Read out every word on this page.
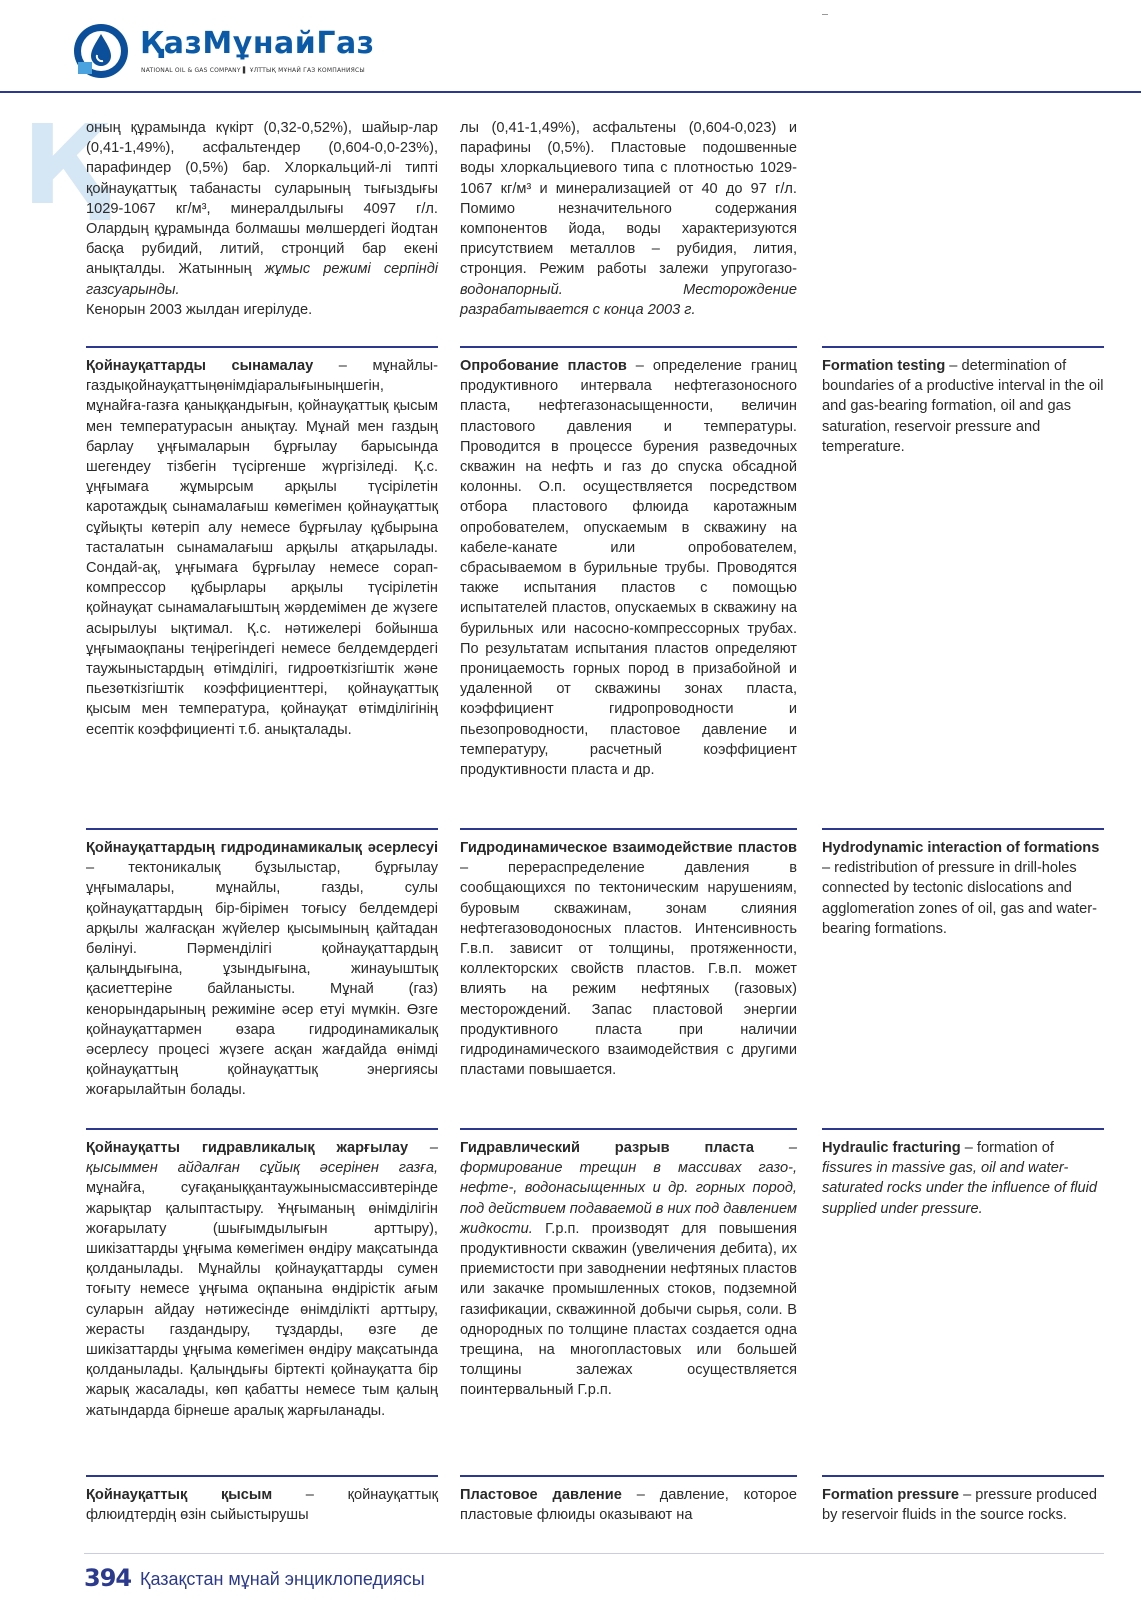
ҚазМұнайГаз
NATIONAL OIL & GAS COMPANY ▌ ҰЛТТЫҚ МҰНАЙ ГАЗ КОМПАНИЯСЫ
Қ
оның құрамында күкірт (0,32-0,52%), шайыр-лар (0,41-1,49%), асфальтендер (0,604-0,0-23%), парафиндер (0,5%) бар. Хлоркальций-лі типті қойнауқаттық табанасты суларының тығыздығы 1029-1067 кг/м³, минералдылығы 4097 г/л. Олардың құрамында болмашы мөлшердегі йодтан басқа рубидий, литий, стронций бар екені анықталды. Жатынның жұмыс режимі серпінді газсуарынды.
Кенорын 2003 жылдан игерілуде.
лы (0,41-1,49%), асфальтены (0,604-0,023) и парафины (0,5%). Пластовые подошвенные воды хлоркальциевого типа с плотностью 1029-1067 кг/м³ и минерализацией от 40 до 97 г/л. Помимо незначительного содержания компонентов йода, воды характеризуются присутствием металлов – рубидия, лития, стронция. Режим работы залежи упругогазо-водонапорный.	Месторождение разрабатывается с конца 2003 г.
Қойнауқаттарды сынамалау – мұнайлы-газдықойнауқаттыңөнімдіаралығыныңшегін, мұнайға-газға қаныққандығын, қойнауқаттық қысым мен температурасын анықтау. Мұнай мен газдың барлау ұңғымаларын бұрғылау барысында шегендеу тізбегін түсіргенше жүргізіледі. Қ.с. ұңғымаға жұмырсым арқылы түсірілетін каротаждық сынамалағыш көмегімен қойнауқаттық сұйықты көтеріп алу немесе бұрғылау құбырына тасталатын сынамалағыш арқылы атқарылады. Сондай-ақ, ұңғымаға бұрғылау немесе сорап-компрессор құбырлары арқылы түсірілетін қойнауқат сынамалағыштың жәрдемімен де жүзеге асырылуы ықтимал. Қ.с. нәтижелері бойынша ұңғымаоқпаны теңірегіндегі немесе белдемдердегі таужыныстардың өтімділігі, гидроөткізгіштік және пьезөткізгіштік коэффициенттері, қойнауқаттық қысым мен температура, қойнауқат өтімділігінің есептік коэффициенті т.б. анықталады.
Опробование пластов – определение границ продуктивного интервала нефтегазоносного пласта, нефтегазонасыщенности, величин пластового давления и температуры. Проводится в процессе бурения разведочных скважин на нефть и газ до спуска обсадной колонны. О.п. осуществляется посредством отбора пластового флюида каротажным опробователем, опускаемым в скважину на кабеле-канате или опробователем, сбрасываемом в бурильные трубы. Проводятся также испытания пластов с помощью испытателей пластов, опускаемых в скважину на бурильных или насосно-компрессорных трубах. По результатам испытания пластов определяют проницаемость горных пород в призабойной и удаленной от скважины зонах пласта, коэффициент гидропроводности и пьезопроводности, пластовое давление и температуру, расчетный коэффициент продуктивности пласта и др.
Formation testing – determination of boundaries of a productive interval in the oil and gas-bearing formation, oil and gas saturation, reservoir pressure and temperature.
Қойнауқаттардың гидродинамикалық әсерлесуі – тектоникалық бұзылыстар, бұрғылау ұңғымалары, мұнайлы, газды, сулы қойнауқаттардың бір-бірімен тоғысу белдемдері арқылы жалғасқан жүйелер қысымының қайтадан бөлінуі. Пәрменділігі қойнауқаттардың қалыңдығына, ұзындығына, жинауыштық қасиеттеріне байланысты. Мұнай (газ) кенорындарының режиміне әсер етуі мүмкін. Өзге қойнауқаттармен өзара гидродинамикалық әсерлесу процесі жүзеге асқан жағдайда өнімді қойнауқаттың қойнауқаттық энергиясы жоғарылайтын болады.
Гидродинамическое взаимодействие пластов – перераспределение давления в сообщающихся по тектоническим нарушениям, буровым скважинам, зонам слияния нефтегазоводоносных пластов. Интенсивность Г.в.п. зависит от толщины, протяженности, коллекторских свойств пластов. Г.в.п. может влиять на режим нефтяных (газовых) месторождений. Запас пластовой энергии продуктивного пласта при наличии гидродинамического взаимодействия с другими пластами повышается.
Hydrodynamic interaction of formations – redistribution of pressure in drill-holes connected by tectonic dislocations and agglomeration zones of oil, gas and water-bearing formations.
Қойнауқатты гидравликалық жарғылау – қысыммен айдалған сұйық әсерінен газға, мұнайға, суғақаныққантаужыныcмассивтерінде жарықтар қалыптастыру. Ұңғыманың өнімділігін жоғарылату (шығымдылығын арттыру), шикізаттарды ұңғыма көмегімен өндіру мақсатында қолданылады. Мұнайлы қойнауқаттарды сумен тоғыту немесе ұңғыма оқпанына өндірістік ағым суларын айдау нәтижесінде өнімділікті арттыру, жерасты газдандыру, тұздарды, өзге де шикізаттарды ұңғыма көмегімен өндіру мақсатында қолданылады. Қалыңдығы біртекті қойнауқатта бір жарық жасалады, көп қабатты немесе тым қалың жатындарда бірнеше аралық жарғыланады.
Гидравлический разрыв пласта – формирование трещин в массивах газо-, нефте-, водонасыщенных и др. горных пород, под действием подаваемой в них под давлением жидкости. Г.р.п. производят для повышения продуктивности скважин (увеличения дебита), их приемистости при заводнении нефтяных пластов или закачке промышленных стоков, подземной газификации, скважинной добычи сырья, соли. В однородных по толщине пластах создается одна трещина, на многопластовых или большей толщины залежах осуществляется поинтервальный Г.р.п.
Hydraulic fracturing – formation of fissures in massive gas, oil and water-saturated rocks under the influence of fluid supplied under pressure.
Қойнауқаттық қысым – қойнауқаттық флюидтердің өзін сыйыстырушы
Пластовое давление – давление, которое пластовые флюиды оказывают на
Formation pressure – pressure produced by reservoir fluids in the source rocks.
394 Қазақстан мұнай энциклопедиясы
